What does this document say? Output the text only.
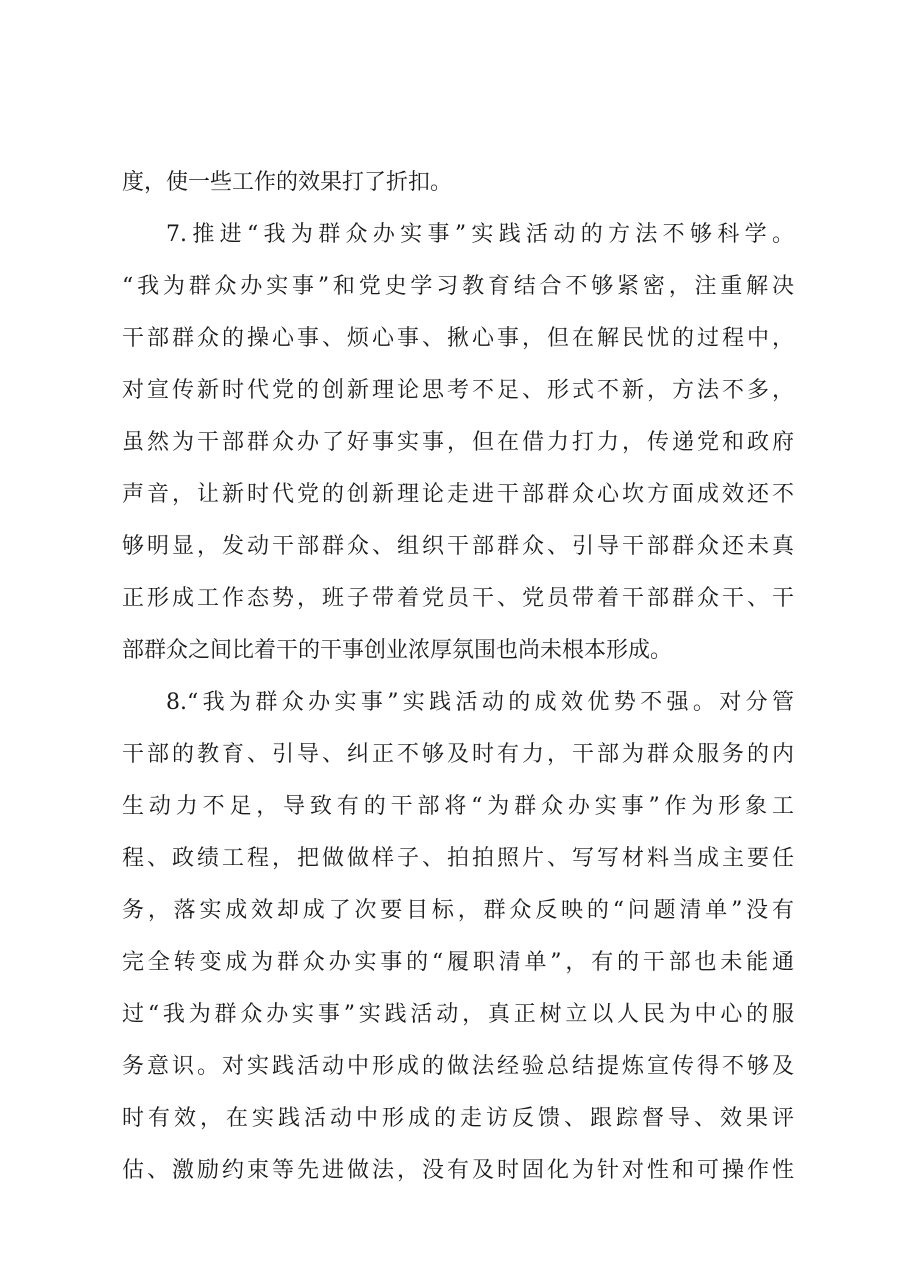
度，使一些工作的效果打了折扣。
7.推进“我为群众办实事”实践活动的方法不够科学。
“我为群众办实事”和党史学习教育结合不够紧密，注重解决
干部群众的操心事、烦心事、揪心事，但在解民忧的过程中，
对宣传新时代党的创新理论思考不足、形式不新，方法不多，
虽然为干部群众办了好事实事，但在借力打力，传递党和政府
声音，让新时代党的创新理论走进干部群众心坎方面成效还不
够明显，发动干部群众、组织干部群众、引导干部群众还未真
正形成工作态势，班子带着党员干、党员带着干部群众干、干
部群众之间比着干的干事创业浓厚氛围也尚未根本形成。
8.“我为群众办实事”实践活动的成效优势不强。对分管
干部的教育、引导、纠正不够及时有力，干部为群众服务的内
生动力不足，导致有的干部将“为群众办实事”作为形象工
程、政绩工程，把做做样子、拍拍照片、写写材料当成主要任
务，落实成效却成了次要目标，群众反映的“问题清单”没有
完全转变成为群众办实事的“履职清单”，有的干部也未能通
过“我为群众办实事”实践活动，真正树立以人民为中心的服
务意识。对实践活动中形成的做法经验总结提炼宣传得不够及
时有效，在实践活动中形成的走访反馈、跟踪督导、效果评
估、激励约束等先进做法，没有及时固化为针对性和可操作性
